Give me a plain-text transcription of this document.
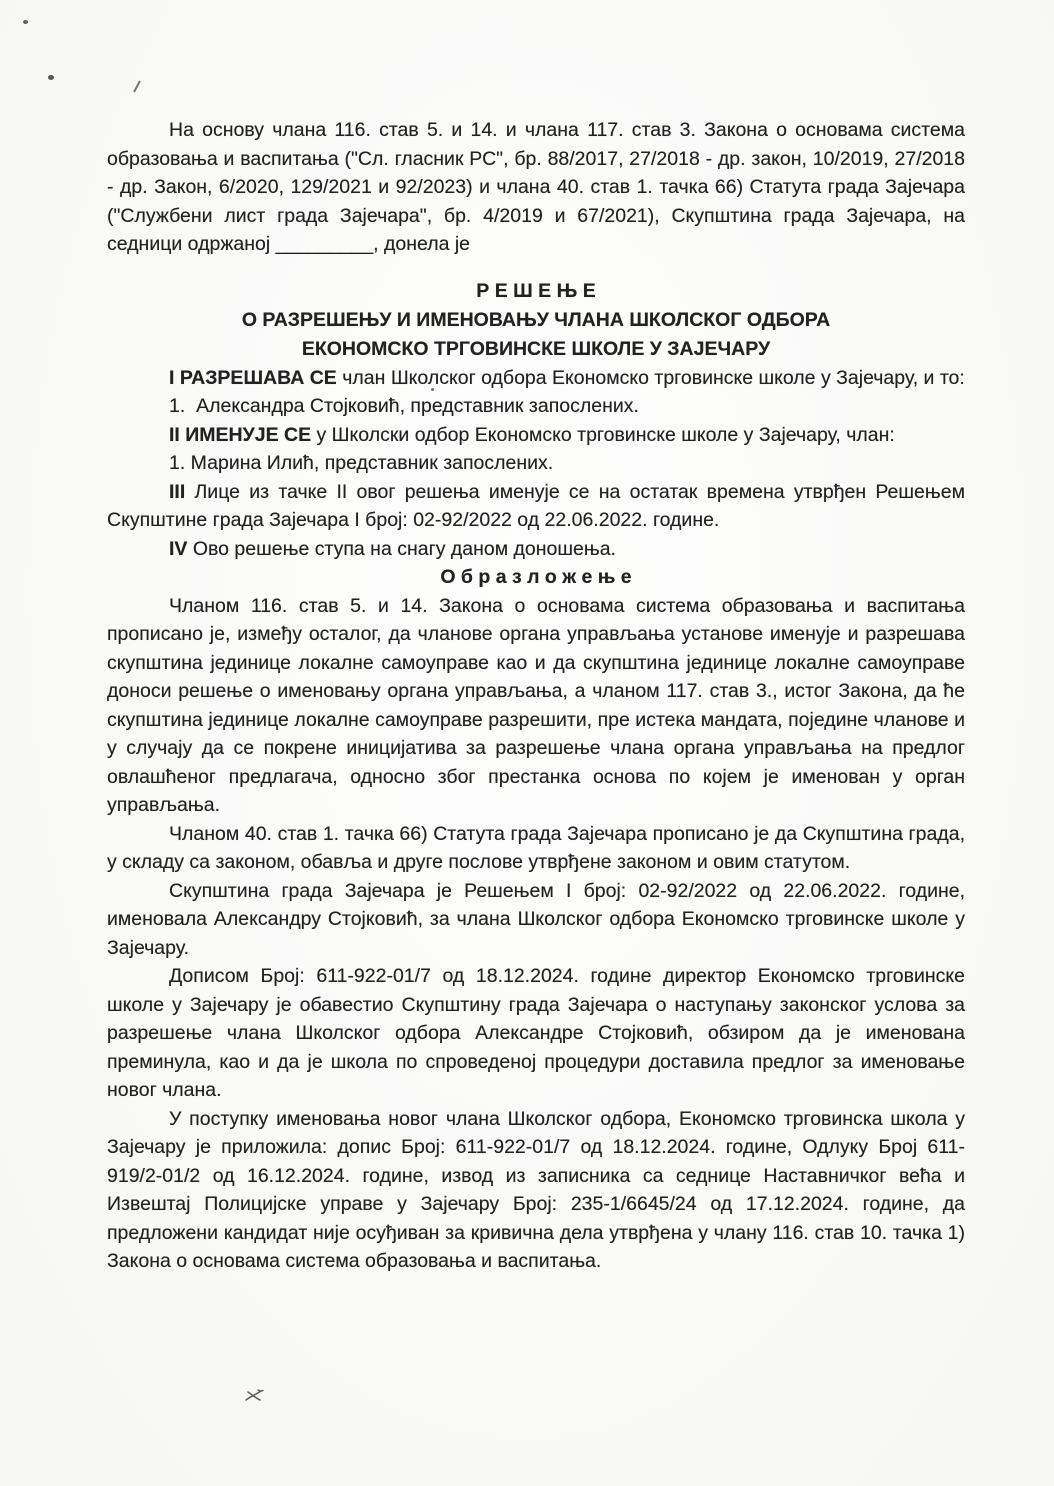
На основу члана 116. став 5. и 14. и члана 117. став 3. Закона о основама система образовања и васпитања ("Сл. гласник РС", бр. 88/2017, 27/2018 - др. закон, 10/2019, 27/2018 - др. Закон, 6/2020, 129/2021 и 92/2023) и члана 40. став 1. тачка 66) Статута града Зајечара ("Службени лист града Зајечара", бр. 4/2019 и 67/2021), Скупштина града Зајечара, на седници одржаној _________, донела је

Р Е Ш Е Њ Е
О РАЗРЕШЕЊУ И ИМЕНОВАЊУ ЧЛАНА ШКОЛСКОГ ОДБОРА
ЕКОНОМСКО ТРГОВИНСКЕ ШКОЛЕ У ЗАЈЕЧАРУ

I РАЗРЕШАВА СЕ члан Школског одбора Економско трговинске школе у Зајечару, и то:

1.  Александра Стојковић, представник запослених.

II ИМЕНУЈЕ СЕ у Школски одбор Економско трговинске школе у Зајечару, члан:

1. Марина Илић, представник запослених.

III Лице из тачке II овог решења именује се на остатак времена утврђен Решењем Скупштине града Зајечара I број: 02-92/2022 од 22.06.2022. године.

IV Ово решење ступа на снагу даном доношења.

О б р а з л о ж е њ е

Чланом 116. став 5. и 14. Закона о основама система образовања и васпитања прописано је, између осталог, да чланове органа управљања установе именује и разрешава скупштина јединице локалне самоуправе као и да скупштина јединице локалне самоуправе доноси решење о именовању органа управљања, а чланом 117. став 3., истог Закона, да ће скупштина јединице локалне самоуправе разрешити, пре истека мандата, поједине чланове и у случају да се покрене иницијатива за разрешење члана органа управљања на предлог овлашћеног предлагача, односно због престанка основа по којем је именован у орган управљања.

Чланом 40. став 1. тачка 66) Статута града Зајечара прописано је да Скупштина града, у складу са законом, обавља и друге послове утврђене законом и овим статутом.

Скупштина града Зајечара је Решењем I број: 02-92/2022 од 22.06.2022. године, именовала Александру Стојковић, за члана Школског одбора Економско трговинске школе у Зајечару.

Дописом Број: 611-922-01/7 од 18.12.2024. године директор Економско трговинске школе у Зајечару је обавестио Скупштину града Зајечара о наступању законског услова за разрешење члана Школског одбора Александре Стојковић, обзиром да је именована преминула, као и да је школа по спроведеној процедури доставила предлог за именовање новог члана.

У поступку именовања новог члана Школског одбора, Економско трговинска школа у Зајечару је приложила: допис Број: 611-922-01/7 од 18.12.2024. године, Одлуку Број 611-919/2-01/2 од 16.12.2024. године, извод из записника са седнице Наставничког већа и Извештај Полицијске управе у Зајечару Број: 235-1/6645/24 од 17.12.2024. године, да предложени кандидат није осуђиван за кривична дела утврђена у члану 116. став 10. тачка 1) Закона о основама система образовања и васпитања.
